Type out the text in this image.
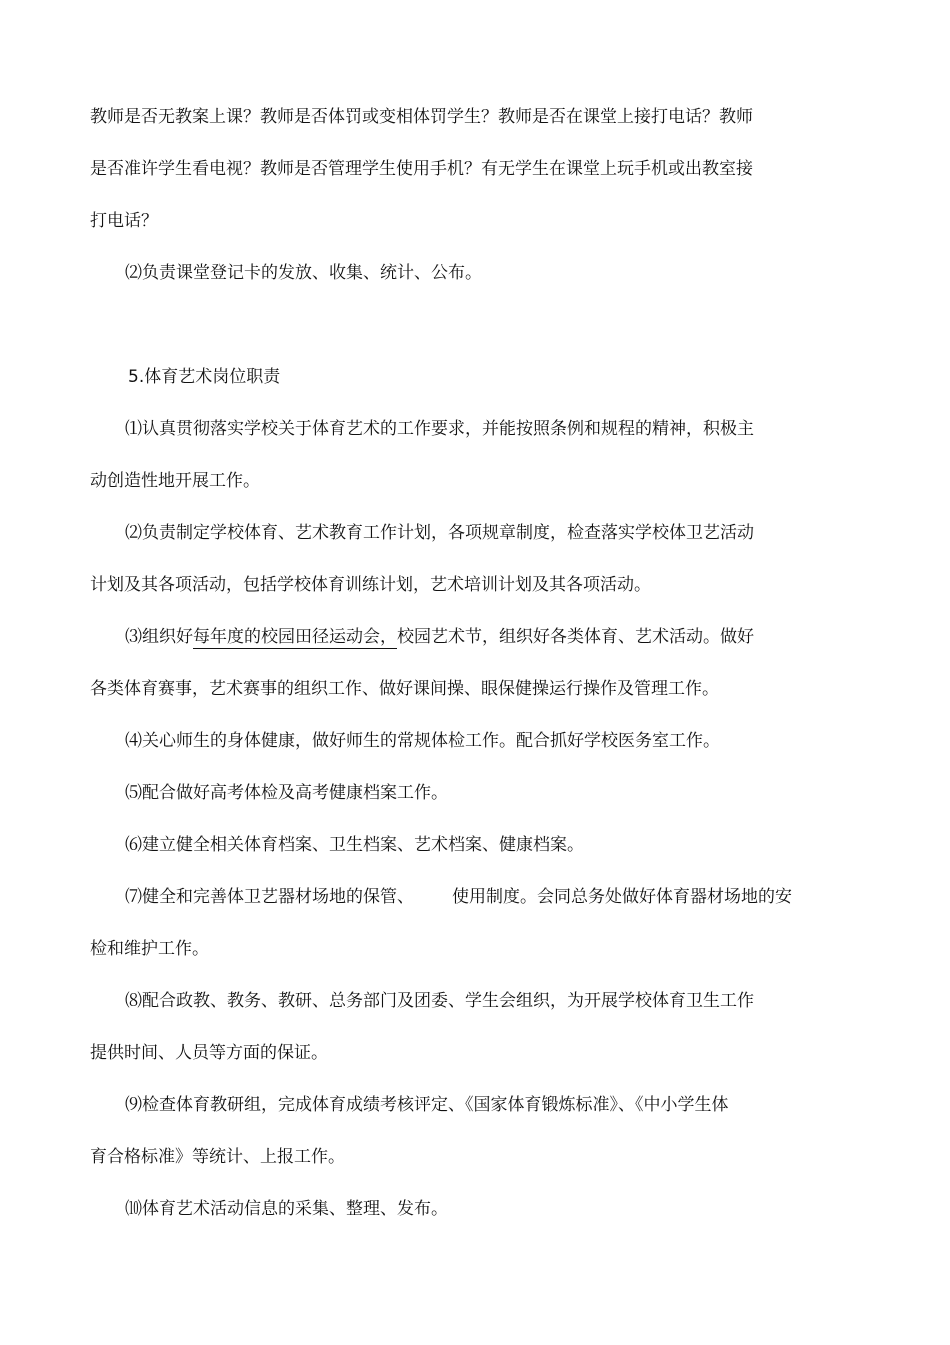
教师是否无教案上课？教师是否体罚或变相体罚学生？教师是否在课堂上接打电话？教师
是否准许学生看电视？教师是否管理学生使用手机？有无学生在课堂上玩手机或出教室接
打电话？
⑵负责课堂登记卡的发放、收集、统计、公布。
5.体育艺术岗位职责
⑴认真贯彻落实学校关于体育艺术的工作要求，并能按照条例和规程的精神，积极主
动创造性地开展工作。
⑵负责制定学校体育、艺术教育工作计划，各项规章制度，检查落实学校体卫艺活动
计划及其各项活动，包括学校体育训练计划，艺术培训计划及其各项活动。
⑶组织好每年度的校园田径运动会，校园艺术节，组织好各类体育、艺术活动。做好
各类体育赛事，艺术赛事的组织工作、做好课间操、眼保健操运行操作及管理工作。
⑷关心师生的身体健康，做好师生的常规体检工作。配合抓好学校医务室工作。
⑸配合做好高考体检及高考健康档案工作。
⑹建立健全相关体育档案、卫生档案、艺术档案、健康档案。
⑺健全和完善体卫艺器材场地的保管、 使用制度。会同总务处做好体育器材场地的安
检和维护工作。
⑻配合政教、教务、教研、总务部门及团委、学生会组织，为开展学校体育卫生工作
提供时间、人员等方面的保证。
⑼检查体育教研组，完成体育成绩考核评定、《国家体育锻炼标准》、《中小学生体
育合格标准》等统计、上报工作。
⑽体育艺术活动信息的采集、整理、发布。
